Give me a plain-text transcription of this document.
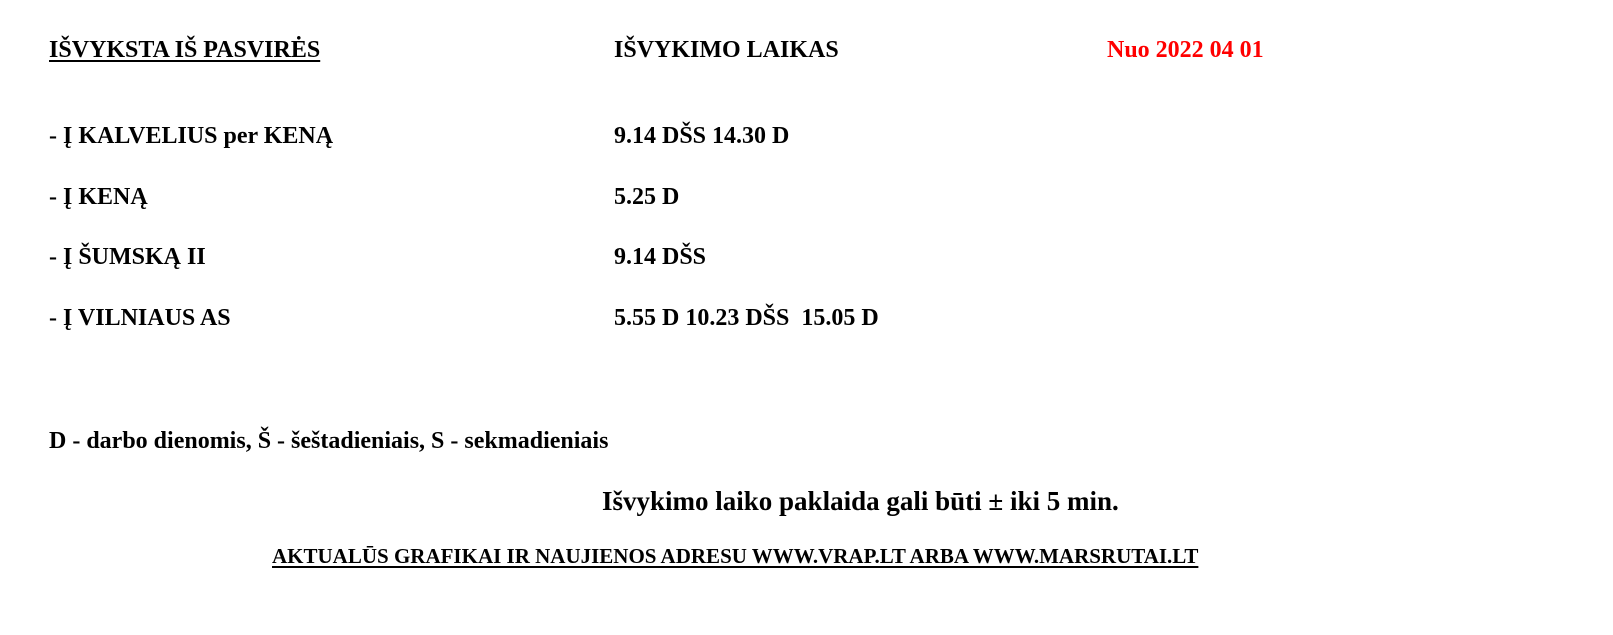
IŠVYKSTA IŠ PASVIRĖS	IŠVYKIMO LAIKAS	Nuo 2022 04 01
- Į KALVELIUS per KENĄ	9.14 DŠS 14.30 D
- Į KENĄ	5.25 D
- Į ŠUMSKĄ II	9.14 DŠS
- Į VILNIAUS AS	5.55 D 10.23 DŠS  15.05 D
D - darbo dienomis, Š - šeštadieniais, S - sekmadieniais
Išvykimo laiko paklaida gali būti ± iki 5 min.
AKTUALŪS GRAFIKAI IR NAUJIENOS ADRESU WWW.VRAP.LT ARBA WWW.MARSRUTAI.LT
